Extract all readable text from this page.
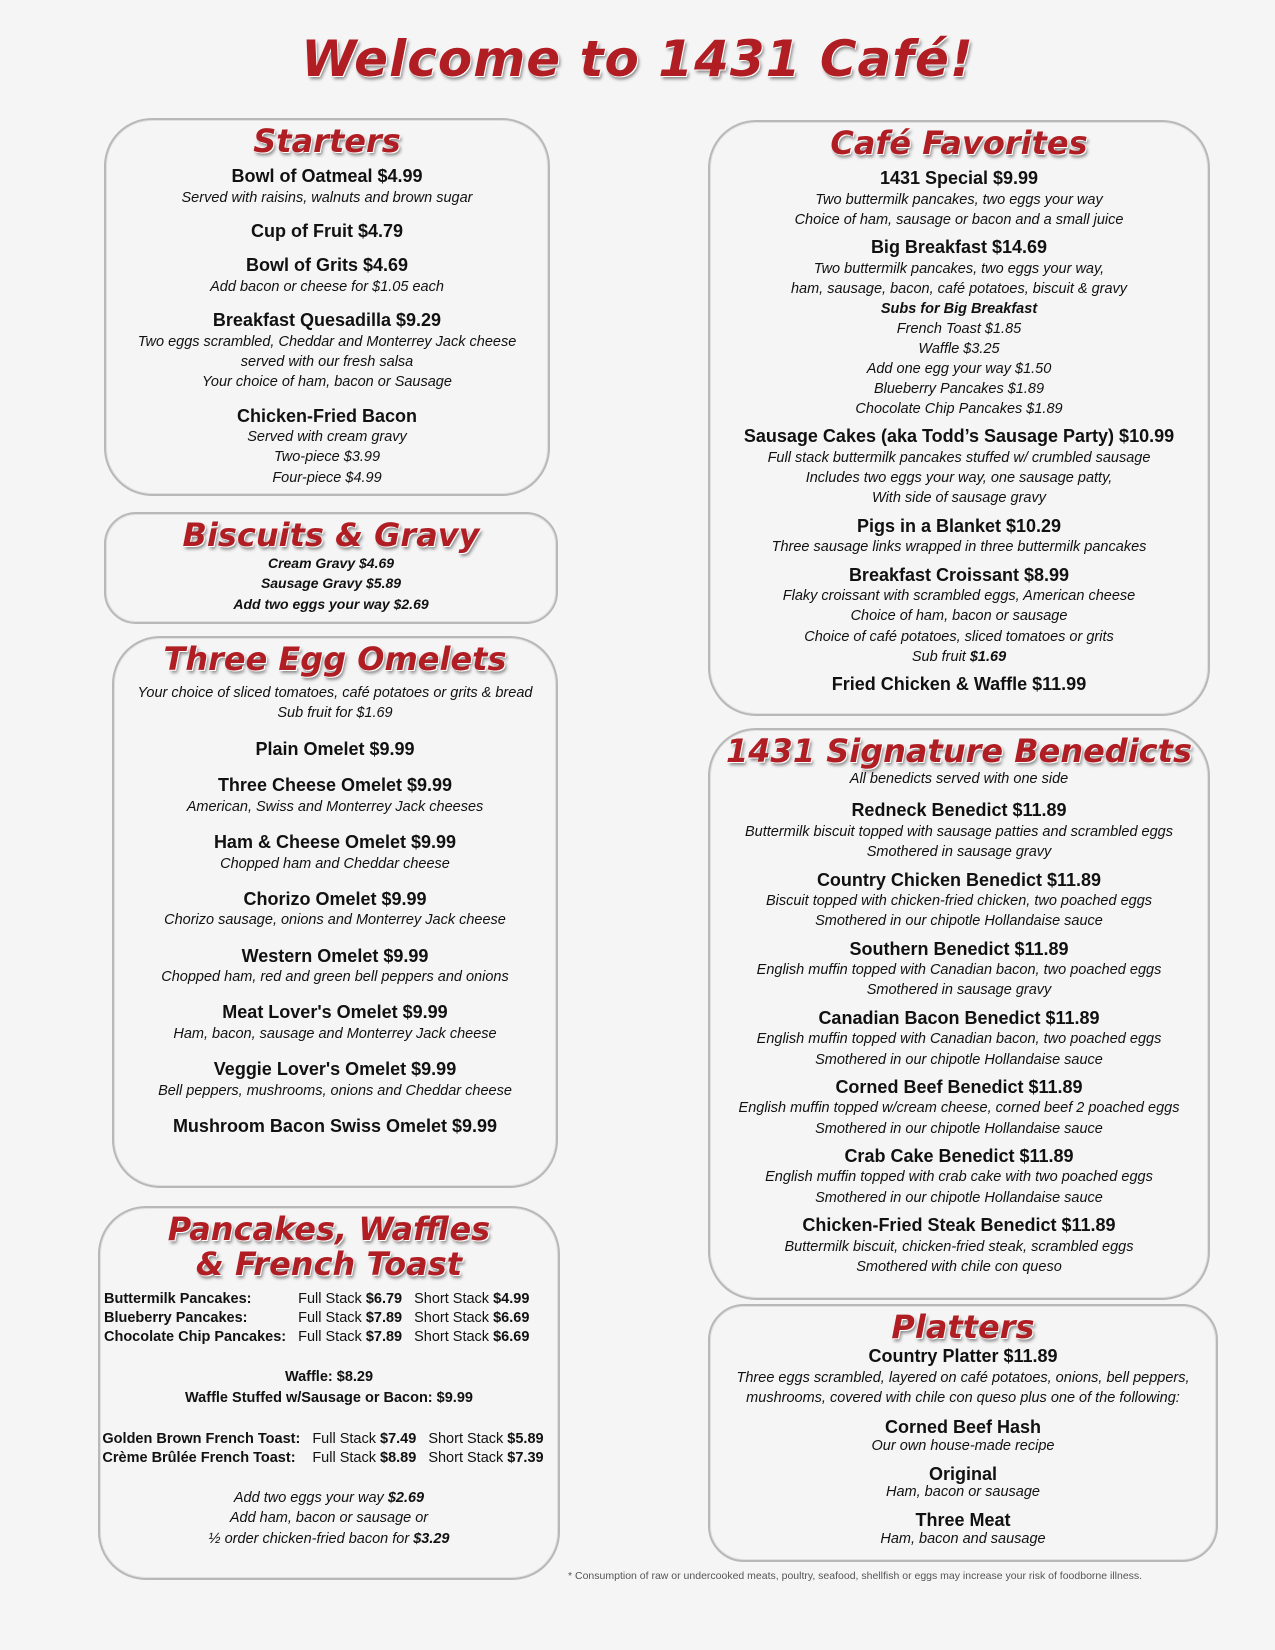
Welcome to 1431 Café!
Starters
Bowl of Oatmeal $4.99
Served with raisins, walnuts and brown sugar
Cup of Fruit $4.79
Bowl of Grits $4.69
Add bacon or cheese for $1.05 each
Breakfast Quesadilla $9.29
Two eggs scrambled, Cheddar and Monterrey Jack cheese
served with our fresh salsa
Your choice of ham, bacon or Sausage
Chicken-Fried Bacon
Served with cream gravy
Two-piece $3.99
Four-piece $4.99
Biscuits & Gravy
Cream Gravy $4.69
Sausage Gravy $5.89
Add two eggs your way $2.69
Three Egg Omelets
Your choice of sliced tomatoes, café potatoes or grits & bread
Sub fruit for $1.69
Plain Omelet $9.99
Three Cheese Omelet $9.99
American, Swiss and Monterrey Jack cheeses
Ham & Cheese Omelet $9.99
Chopped ham and Cheddar cheese
Chorizo Omelet $9.99
Chorizo sausage, onions and Monterrey Jack cheese
Western Omelet $9.99
Chopped ham, red and green bell peppers and onions
Meat Lover's Omelet $9.99
Ham, bacon, sausage and Monterrey Jack cheese
Veggie Lover's Omelet $9.99
Bell peppers, mushrooms, onions and Cheddar cheese
Mushroom Bacon Swiss Omelet $9.99
Pancakes, Waffles
& French Toast
Buttermilk Pancakes:	Full Stack $6.79	Short Stack $4.99
Blueberry Pancakes:	Full Stack $7.89	Short Stack $6.69
Chocolate Chip Pancakes:	Full Stack $7.89	Short Stack $6.69
Waffle: $8.29
Waffle Stuffed w/Sausage or Bacon: $9.99
Golden Brown French Toast:	Full Stack $7.49	Short Stack $5.89
Crème Brûlée French Toast:	Full Stack $8.89	Short Stack $7.39
Add two eggs your way $2.69
Add ham, bacon or sausage or
½ order chicken-fried bacon for $3.29
Café Favorites
1431 Special $9.99
Two buttermilk pancakes, two eggs your way
Choice of ham, sausage or bacon and a small juice
Big Breakfast $14.69
Two buttermilk pancakes, two eggs your way,
ham, sausage, bacon, café potatoes, biscuit & gravy
Subs for Big Breakfast
French Toast $1.85
Waffle $3.25
Add one egg your way $1.50
Blueberry Pancakes $1.89
Chocolate Chip Pancakes $1.89
Sausage Cakes (aka Todd’s Sausage Party) $10.99
Full stack buttermilk pancakes stuffed w/ crumbled sausage
Includes two eggs your way, one sausage patty,
With side of sausage gravy
Pigs in a Blanket $10.29
Three sausage links wrapped in three buttermilk pancakes
Breakfast Croissant $8.99
Flaky croissant with scrambled eggs, American cheese
Choice of ham, bacon or sausage
Choice of café potatoes, sliced tomatoes or grits
Sub fruit $1.69
Fried Chicken & Waffle $11.99
1431 Signature Benedicts
All benedicts served with one side
Redneck Benedict $11.89
Buttermilk biscuit topped with sausage patties and scrambled eggs
Smothered in sausage gravy
Country Chicken Benedict $11.89
Biscuit topped with chicken-fried chicken, two poached eggs
Smothered in our chipotle Hollandaise sauce
Southern Benedict $11.89
English muffin topped with Canadian bacon, two poached eggs
Smothered in sausage gravy
Canadian Bacon Benedict $11.89
English muffin topped with Canadian bacon, two poached eggs
Smothered in our chipotle Hollandaise sauce
Corned Beef Benedict $11.89
English muffin topped w/cream cheese, corned beef 2 poached eggs
Smothered in our chipotle Hollandaise sauce
Crab Cake Benedict $11.89
English muffin topped with crab cake with two poached eggs
Smothered in our chipotle Hollandaise sauce
Chicken-Fried Steak Benedict $11.89
Buttermilk biscuit, chicken-fried steak, scrambled eggs
Smothered with chile con queso
Platters
Country Platter $11.89
Three eggs scrambled, layered on café potatoes, onions, bell peppers,
mushrooms, covered with chile con queso plus one of the following:
Corned Beef Hash
Our own house-made recipe
Original
Ham, bacon or sausage
Three Meat
Ham, bacon and sausage
* Consumption of raw or undercooked meats, poultry, seafood, shellfish or eggs may increase your risk of foodborne illness.
